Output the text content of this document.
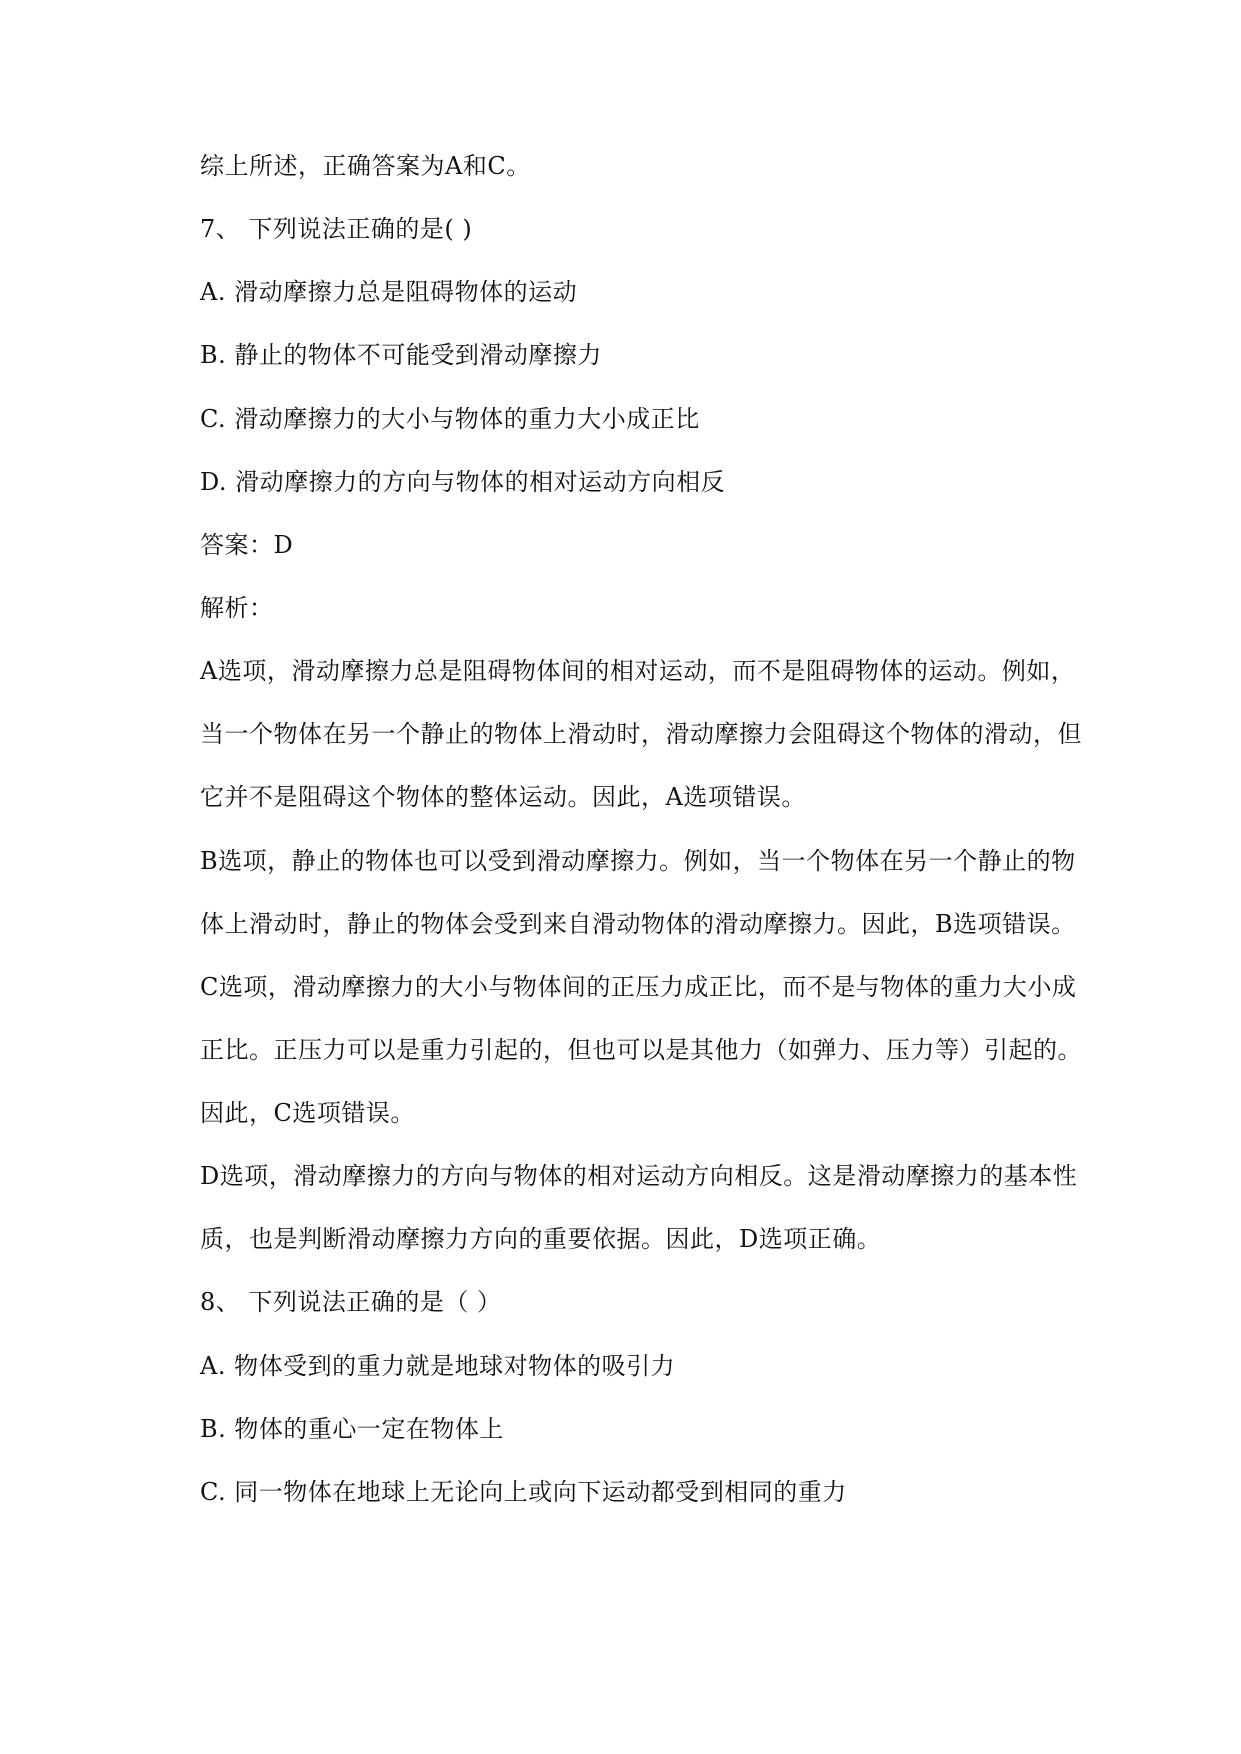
综上所述，正确答案为A和C。
7、 下列说法正确的是( )
A. 滑动摩擦力总是阻碍物体的运动
B. 静止的物体不可能受到滑动摩擦力
C. 滑动摩擦力的大小与物体的重力大小成正比
D. 滑动摩擦力的方向与物体的相对运动方向相反
答案：D
解析：
A选项，滑动摩擦力总是阻碍物体间的相对运动，而不是阻碍物体的运动。例如，
当一个物体在另一个静止的物体上滑动时，滑动摩擦力会阻碍这个物体的滑动，但
它并不是阻碍这个物体的整体运动。因此，A选项错误。
B选项，静止的物体也可以受到滑动摩擦力。例如，当一个物体在另一个静止的物
体上滑动时，静止的物体会受到来自滑动物体的滑动摩擦力。因此，B选项错误。
C选项，滑动摩擦力的大小与物体间的正压力成正比，而不是与物体的重力大小成
正比。正压力可以是重力引起的，但也可以是其他力（如弹力、压力等）引起的。
因此，C选项错误。
D选项，滑动摩擦力的方向与物体的相对运动方向相反。这是滑动摩擦力的基本性
质，也是判断滑动摩擦力方向的重要依据。因此，D选项正确。
8、 下列说法正确的是（ ）
A. 物体受到的重力就是地球对物体的吸引力
B. 物体的重心一定在物体上
C. 同一物体在地球上无论向上或向下运动都受到相同的重力
